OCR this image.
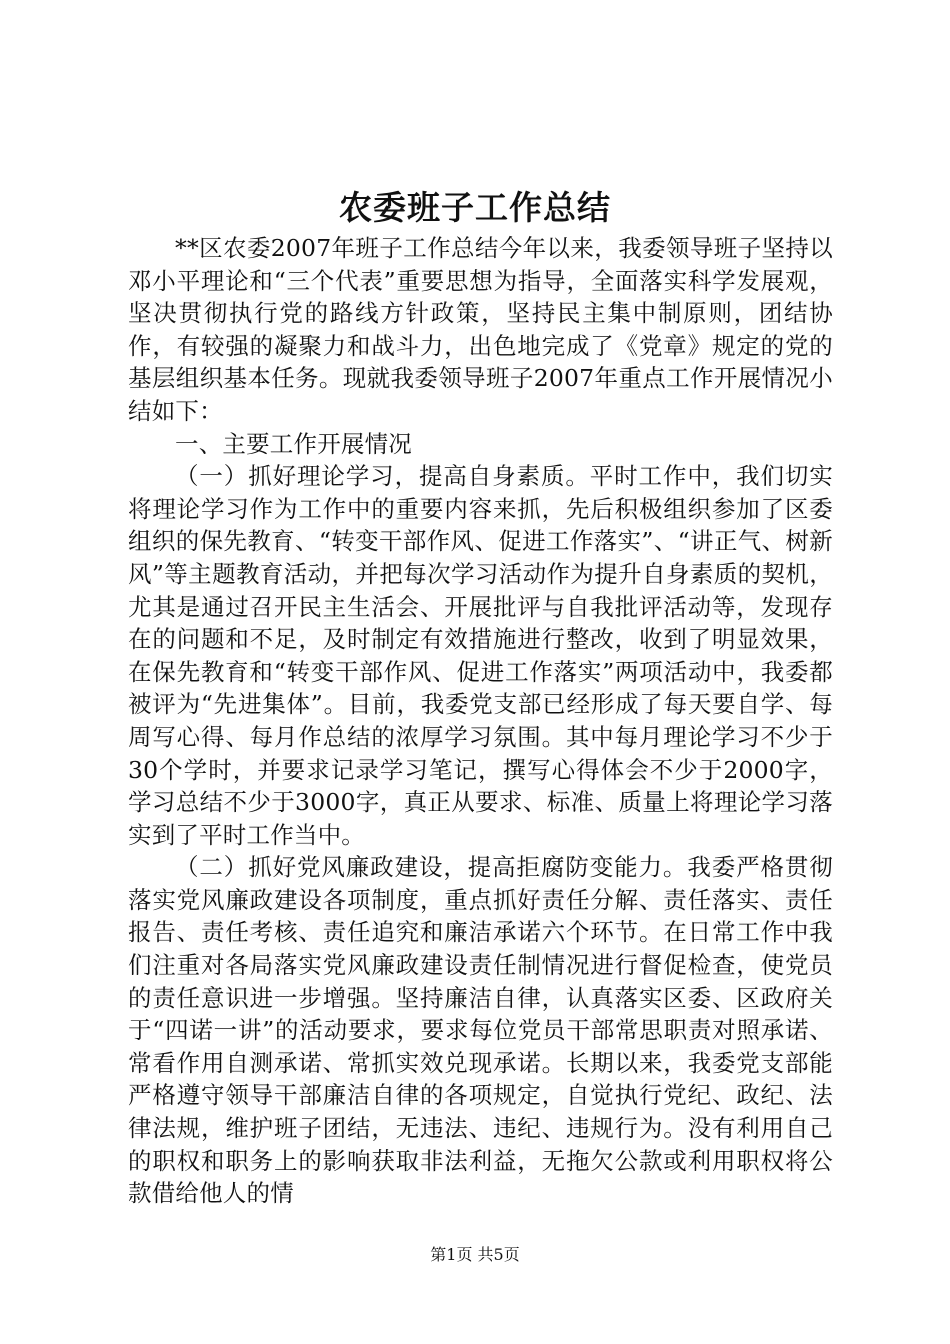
农委班子工作总结

**区农委2007年班子工作总结今年以来，我委领导班子坚持以邓小平理论和“三个代表”重要思想为指导，全面落实科学发展观，坚决贯彻执行党的路线方针政策，坚持民主集中制原则，团结协作，有较强的凝聚力和战斗力，出色地完成了《党章》规定的党的基层组织基本任务。现就我委领导班子2007年重点工作开展情况小结如下：

一、主要工作开展情况

（一）抓好理论学习，提高自身素质。平时工作中，我们切实将理论学习作为工作中的重要内容来抓，先后积极组织参加了区委组织的保先教育、“转变干部作风、促进工作落实”、“讲正气、树新风”等主题教育活动，并把每次学习活动作为提升自身素质的契机，尤其是通过召开民主生活会、开展批评与自我批评活动等，发现存在的问题和不足，及时制定有效措施进行整改，收到了明显效果，在保先教育和“转变干部作风、促进工作落实”两项活动中，我委都被评为“先进集体”。目前，我委党支部已经形成了每天要自学、每周写心得、每月作总结的浓厚学习氛围。其中每月理论学习不少于30个学时，并要求记录学习笔记，撰写心得体会不少于2000字，学习总结不少于3000字，真正从要求、标准、质量上将理论学习落实到了平时工作当中。

（二）抓好党风廉政建设，提高拒腐防变能力。我委严格贯彻落实党风廉政建设各项制度，重点抓好责任分解、责任落实、责任报告、责任考核、责任追究和廉洁承诺六个环节。在日常工作中我们注重对各局落实党风廉政建设责任制情况进行督促检查，使党员的责任意识进一步增强。坚持廉洁自律，认真落实区委、区政府关于“四诺一讲”的活动要求，要求每位党员干部常思职责对照承诺、常看作用自测承诺、常抓实效兑现承诺。长期以来，我委党支部能严格遵守领导干部廉洁自律的各项规定，自觉执行党纪、政纪、法律法规，维护班子团结，无违法、违纪、违规行为。没有利用自己的职权和职务上的影响获取非法利益，无拖欠公款或利用职权将公款借给他人的情

第1页 共5页
